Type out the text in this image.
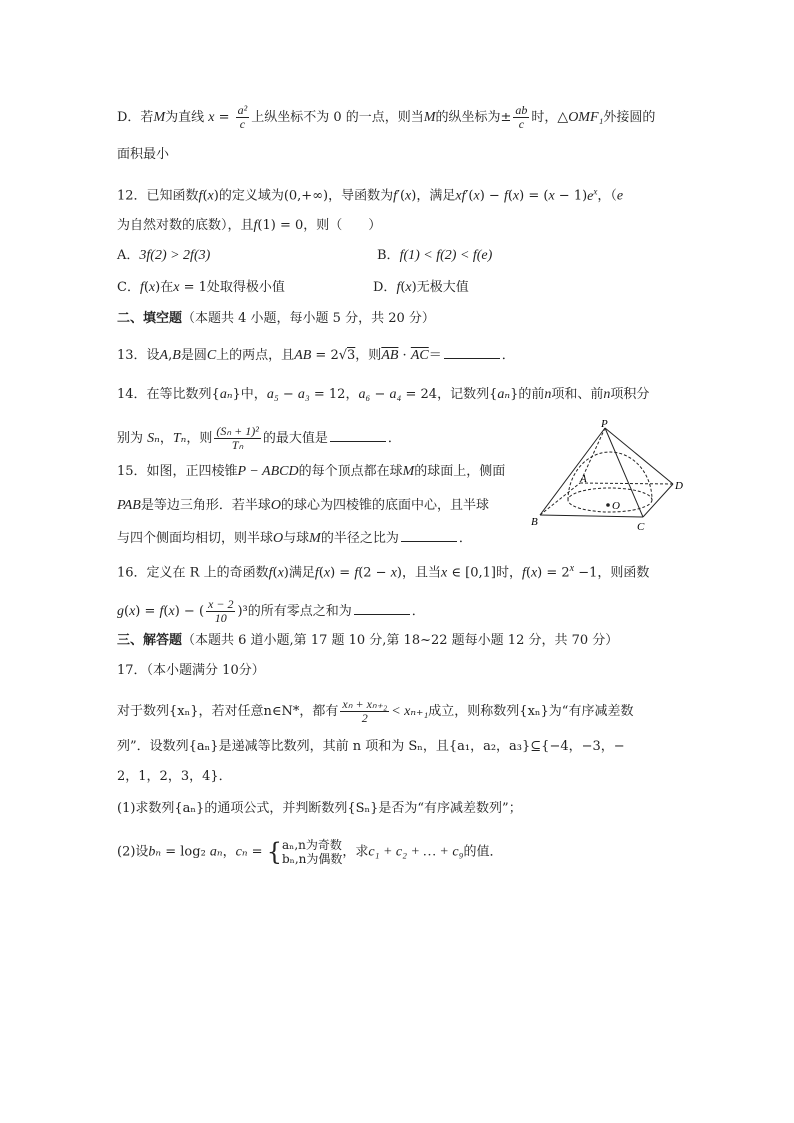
D．若M为直线 $x = \frac{\text{a²}}{c}$ 上纵坐标不为 0 的一点，则当M的纵坐标为± $\frac{ab}{c}$ 时，△OMF₁外接圆的
面积最小
12．已知函数f(x)的定义域为(0,+∞)，导函数为f′(x)，满足$xf'(x) - f(x) = (x - 1)e^x$，（e
为自然对数的底数），且f(1) = 0，则（　　）
A．3f(2) > 2f(3)	B．f(1) < f(2) < f(e)
C．f(x)在x = 1处取得极小值	D．f(x)无极大值
二、填空题（本题共 4 小题，每小题 5 分，共 20 分）
13．设A,B是圆C上的两点，且AB = 2√3，则$\overline{AB} \cdot \overline{AC}=$	．
14．在等比数列{aₙ}中，a₅ − a₃ = 12，a₆ − a₄ = 24，记数列{aₙ}的前n项和、前n项积分
别为 Sₙ，Tₙ，则 $\frac{\text{(Sₙ + 1)²}}{\text{Tₙ}}$ 的最大值是	．
15．如图，正四棱锥P − ABCD的每个顶点都在球M的球面上，侧面
PAB是等边三角形．若半球O的球心为四棱锥的底面中心，且半球
与四个侧面均相切，则半球O与球M的半径之比为	．
P
A
B	C
D
O
16．定义在 R 上的奇函数f(x)满足f(x) = f(2 − x)，且当x ∈ [0,1]时，$f(x) = 2^x -1$，则函数
g(x) = f(x) − ( $\frac{x - 2}{10} )^3$的所有零点之和为	．
三、解答题（本题共 6 道小题,第 17 题 10 分,第 18~22 题每小题 12 分，共 70 分）
17．（本小题满分 10分）
对于数列{xₙ}，若对任意n∈N*，都有 $\frac{\text{xₙ + xₙ₊₂}}{2} < x_{n+1}$成立，则称数列{xₙ}为“有序减差数
列”．设数列{aₙ}是递减等比数列，其前 n 项和为 Sₙ，且{a₁，a₂，a₃}⊆{−4，−3，−
2，1，2，3，4}．
(1)求数列{aₙ}的通项公式，并判断数列{Sₙ}是否为“有序减差数列”；
(2)设bₙ = log₂ aₙ，cₙ = { aₙ,n为奇数
bₙ,n为偶数 ，求c₁ + c₂ + … + c₉的值．
